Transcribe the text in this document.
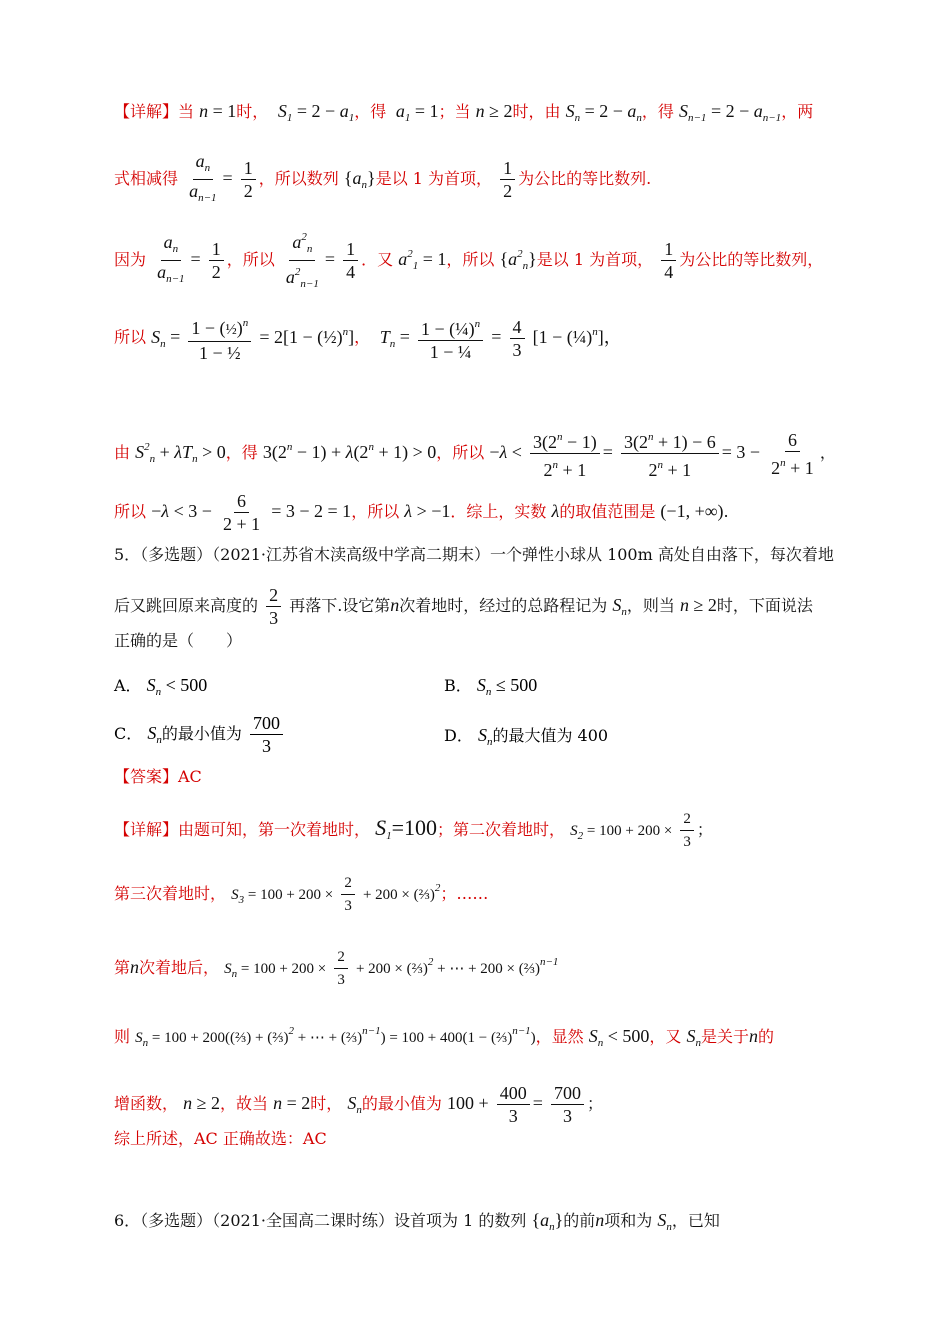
【详解】当 n = 1时， $S_1 = 2 - a_1$，得 $a_1 = 1$；当 n ≥ 2时，由 $S_n = 2 - a_n$，得 $S_{n-1} = 2 - a_{n-1}$，两
式相减得 $\frac{a_n}{a_{n-1}} = \frac{1}{2}$ ，所以数列 $\{a_n\}$是以 1 为首项， $\frac{1}{2}$ 为公比的等比数列.
因为 $\frac{a_n}{a_{n-1}} = \frac{1}{2}$ ，所以 $\frac{a^2_n}{a^2_{n-1}} = \frac{1}{4}$ ．又 $a^2_1 = 1$，所以 $\{a^2_n\}$是以 1 为首项， $\frac{1}{4}$ 为公比的等比数列，
所以 $S_n = \frac{1 - (\frac{1}{2})^n}{\text{1 − ½}} = 2[1$ − (½)$^n$]， $T_n = \frac{1 - (\frac{1}{4})^n}{\text{1 − ¼}} = \frac{4}{3} [1$ − (¼)$^n$]，
由 $S^2_n + \lambda T_n > 0$，得 $3(2^n - 1) + \lambda(2^n + 1) > 0$，所以 $-\lambda < \frac{3(2^n - 1)}{2^n + 1} = \frac{3(2^n + 1) - 6}{2^n + 1} = 3 - \frac{6}{2^n + 1}$ ，
所以 $-\lambda < 3 - \frac{6}{2 + 1} = 3 - 2 = 1$，所以 λ > −1．综上，实数 λ的取值范围是 (−1, +∞).
5．（多选题）（2021·江苏省木渎高级中学高二期末）一个弹性小球从 100m 高处自由落下，每次着地
后又跳回原来高度的 $\frac{2}{3}$ 再落下.设它第n次着地时，经过的总路程记为 $S_n$，则当 n ≥ 2时，下面说法
正确的是（　　）
A． $S_n < 500$	B． $S_n \le 500$
C． $S_n$的最小值为 $\frac{700}{3}$	D． $S_n$的最大值为 400
【答案】AC
【详解】由题可知，第一次着地时， $S_1=100$；第二次着地时， $S_2 = 100 + 200 \times \frac{2}{3}$ ；
第三次着地时， $S_3 = 100 + 200 \times \frac{2}{3} + 200$ × (⅔)$^2$；……
第n次着地后， $S_n = 100 + 200 \times \frac{2}{3} + 200$ × (⅔)$^2$ + ⋯ + 200 × (⅔)$^{n-1}$
则 $S_n = 100$ + 200((⅔) + (⅔)$^2$ + ⋯ + (⅔)$^{n-1}$) = 100 + 400(1 − (⅔)$^{n-1}$)，显然 $S_n < 500$，又 $S_n$是关于n的
增函数， n ≥ 2，故当 n = 2时， $S_n$的最小值为 $100 + \frac{400}{3} = \frac{700}{3}$ ；
综上所述，AC 正确故选：AC
6．（多选题）（2021·全国高二课时练）设首项为 1 的数列 $\{a_n\}$的前n项和为 $S_n$，已知
